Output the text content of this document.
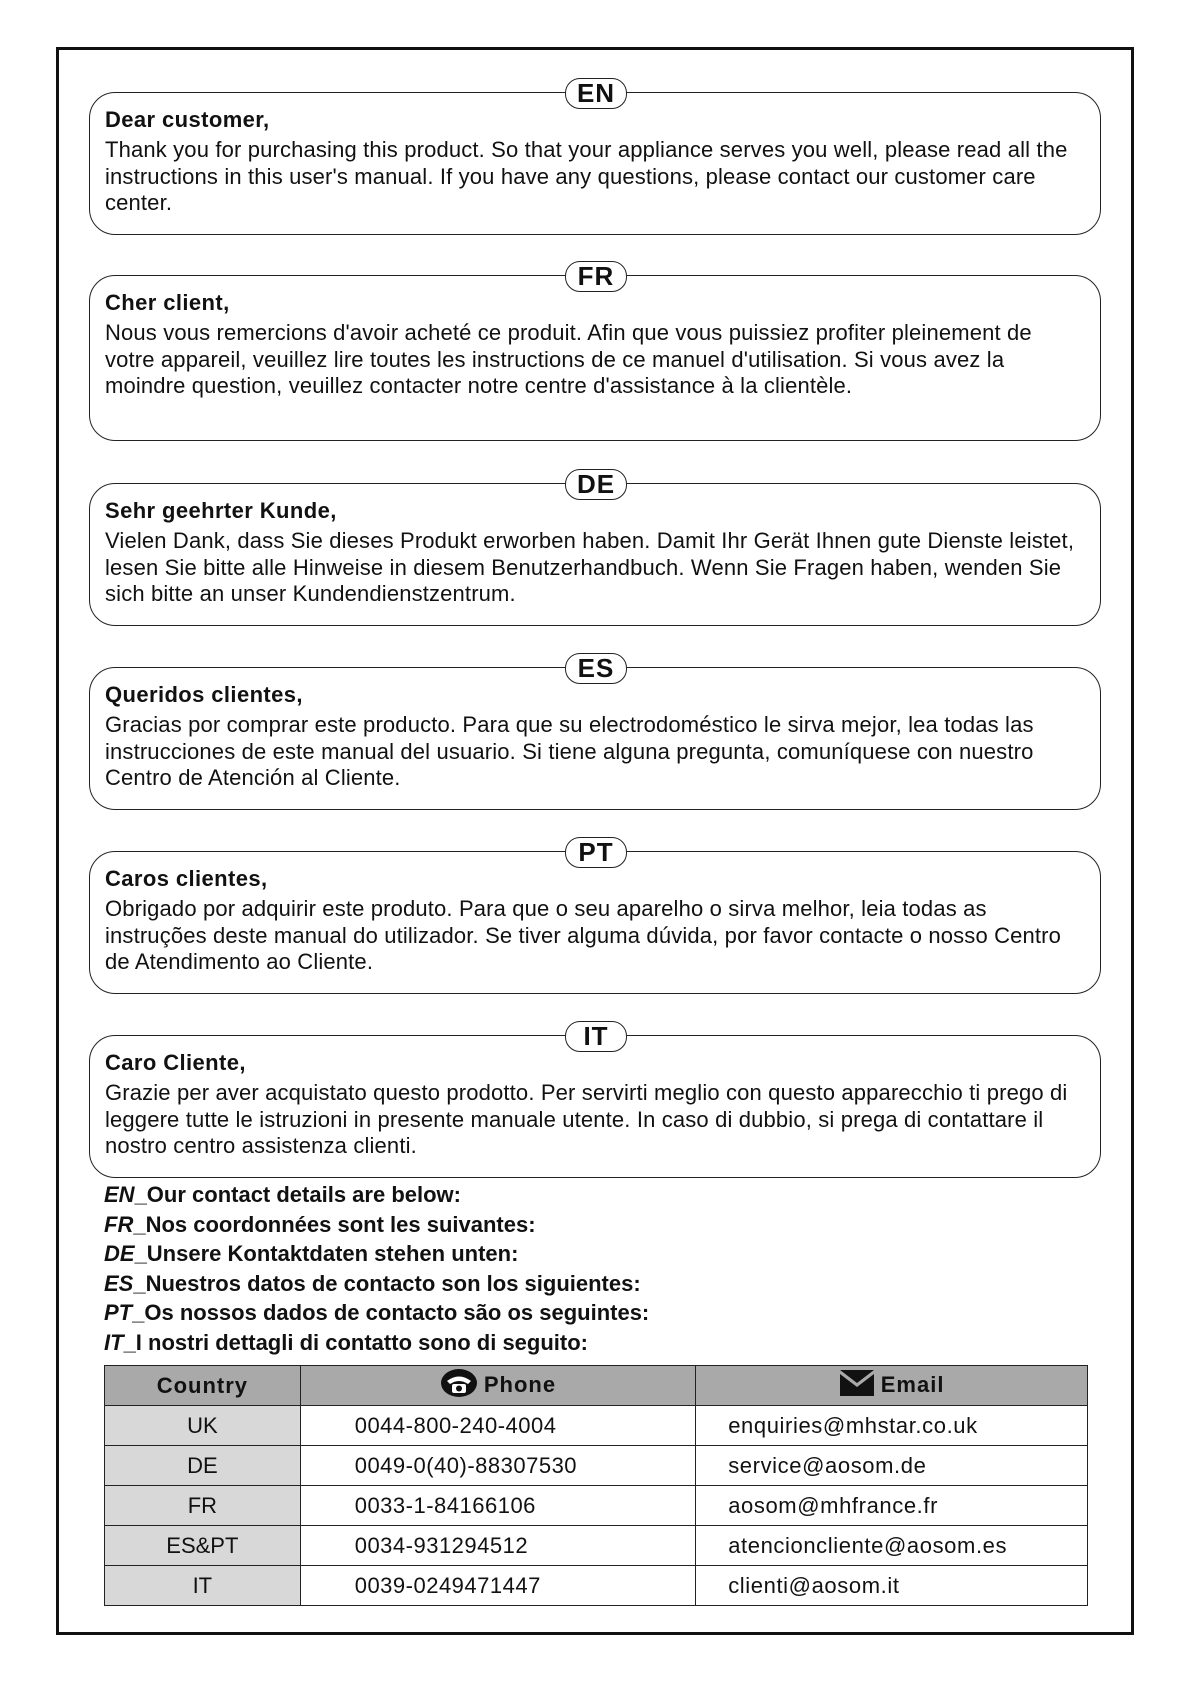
EN
Dear customer,
Thank you for purchasing this product. So that your appliance serves you well, please read all the instructions in this user's manual. If you have any questions, please contact our customer care center.
FR
Cher client,
Nous vous remercions d'avoir acheté ce produit. Afin que vous puissiez profiter pleinement de votre appareil, veuillez lire toutes les instructions de ce manuel d'utilisation. Si vous avez la moindre question, veuillez contacter notre centre d'assistance à la clientèle.
DE
Sehr geehrter Kunde,
Vielen Dank, dass Sie dieses Produkt erworben haben. Damit Ihr Gerät Ihnen gute Dienste leistet, lesen Sie bitte alle Hinweise in diesem Benutzerhandbuch. Wenn Sie Fragen haben, wenden Sie sich bitte an unser Kundendienstzentrum.
ES
Queridos clientes,
Gracias por comprar este producto. Para que su electrodoméstico le sirva mejor, lea todas las instrucciones de este manual del usuario. Si tiene alguna pregunta, comuníquese con nuestro Centro de Atención al Cliente.
PT
Caros clientes,
Obrigado por adquirir este produto. Para que o seu aparelho o sirva melhor, leia todas as instruções deste manual do utilizador. Se tiver alguma dúvida, por favor contacte o nosso Centro de Atendimento ao Cliente.
IT
Caro Cliente,
Grazie per aver acquistato questo prodotto. Per servirti meglio con questo apparecchio ti prego di leggere tutte le istruzioni in presente manuale utente. In caso di dubbio, si prega di contattare il nostro centro assistenza clienti.
EN_Our contact details are below:
FR_Nos coordonnées sont les suivantes:
DE_Unsere Kontaktdaten stehen unten:
ES_Nuestros datos de contacto son los siguientes:
PT_Os nossos dados de contacto são os seguintes:
IT_I nostri dettagli di contatto sono di seguito:
Country	Phone	Email
UK	0044-800-240-4004	enquiries@mhstar.co.uk
DE	0049-0(40)-88307530	service@aosom.de
FR	0033-1-84166106	aosom@mhfrance.fr
ES&PT	0034-931294512	atencioncliente@aosom.es
IT	0039-0249471447	clienti@aosom.it
